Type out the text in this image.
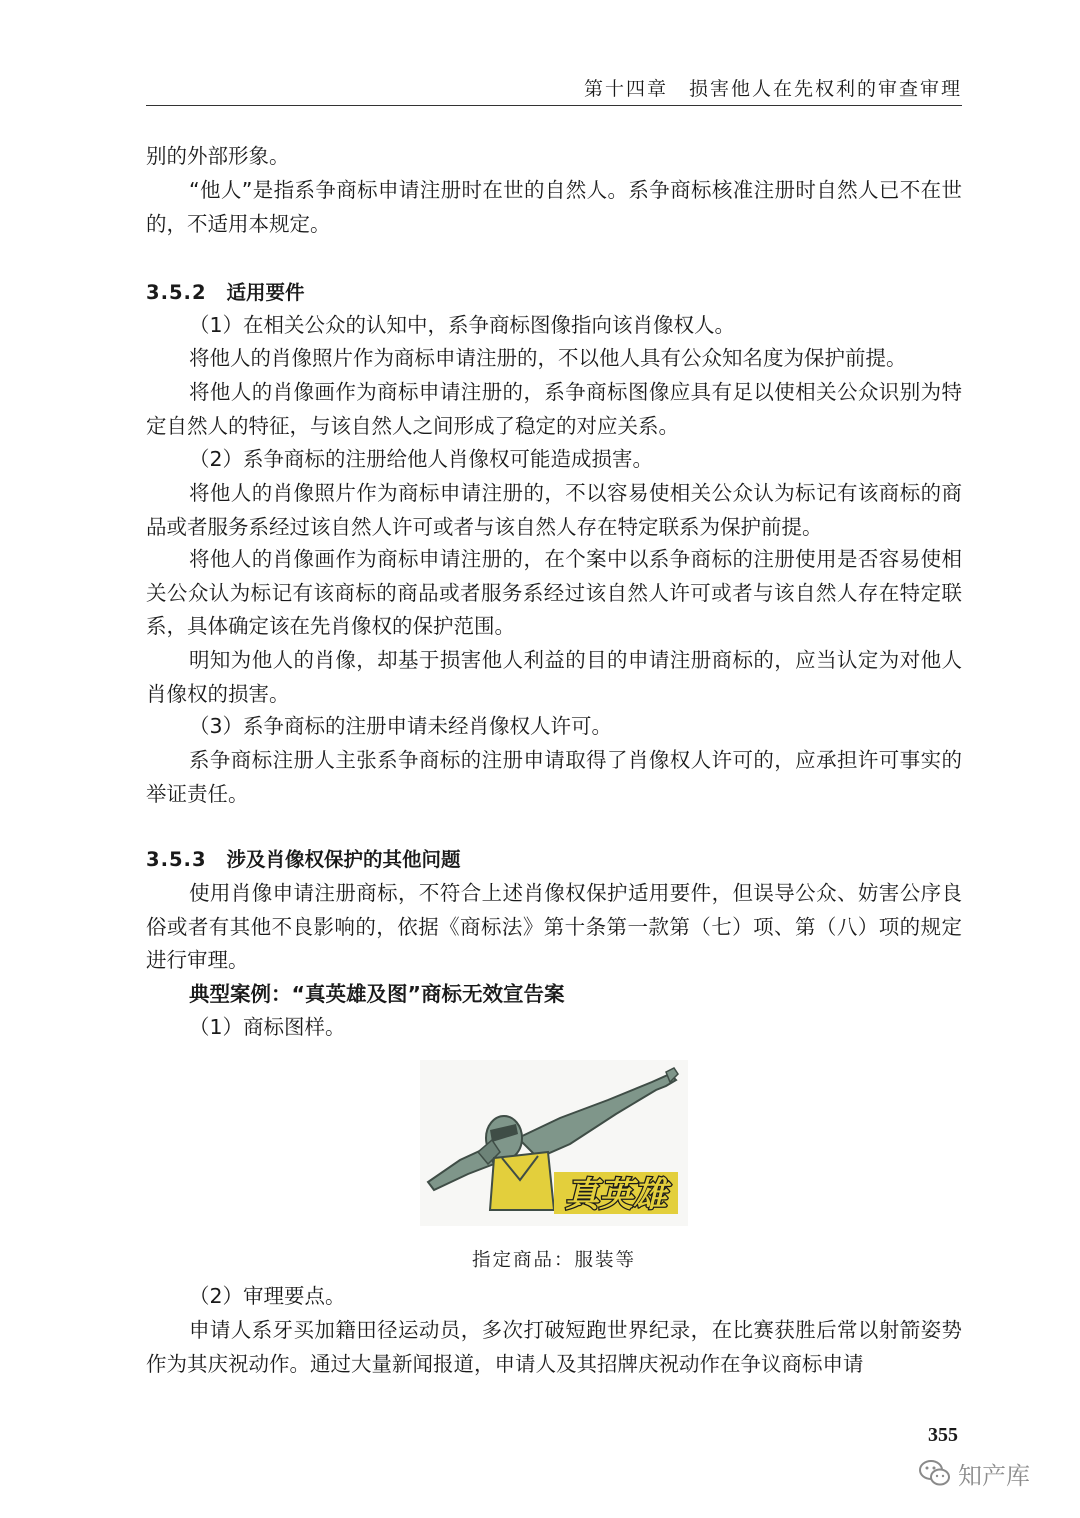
第十四章　损害他人在先权利的审查审理

别的外部形象。

“他人”是指系争商标申请注册时在世的自然人。系争商标核准注册时自然人已不在世的，不适用本规定。

3.5.2 适用要件

（1）在相关公众的认知中，系争商标图像指向该肖像权人。

将他人的肖像照片作为商标申请注册的，不以他人具有公众知名度为保护前提。

将他人的肖像画作为商标申请注册的，系争商标图像应具有足以使相关公众识别为特定自然人的特征，与该自然人之间形成了稳定的对应关系。

（2）系争商标的注册给他人肖像权可能造成损害。

将他人的肖像照片作为商标申请注册的，不以容易使相关公众认为标记有该商标的商品或者服务系经过该自然人许可或者与该自然人存在特定联系为保护前提。

将他人的肖像画作为商标申请注册的，在个案中以系争商标的注册使用是否容易使相关公众认为标记有该商标的商品或者服务系经过该自然人许可或者与该自然人存在特定联系，具体确定该在先肖像权的保护范围。

明知为他人的肖像，却基于损害他人利益的目的申请注册商标的，应当认定为对他人肖像权的损害。

（3）系争商标的注册申请未经肖像权人许可。

系争商标注册人主张系争商标的注册申请取得了肖像权人许可的，应承担许可事实的举证责任。

3.5.3 涉及肖像权保护的其他问题

使用肖像申请注册商标，不符合上述肖像权保护适用要件，但误导公众、妨害公序良俗或者有其他不良影响的，依据《商标法》第十条第一款第（七）项、第（八）项的规定进行审理。

典型案例：“真英雄及图”商标无效宣告案

（1）商标图样。

真英雄
指定商品：服装等

（2）审理要点。

申请人系牙买加籍田径运动员，多次打破短跑世界纪录，在比赛获胜后常以射箭姿势作为其庆祝动作。通过大量新闻报道，申请人及其招牌庆祝动作在争议商标申请

355
知产库
